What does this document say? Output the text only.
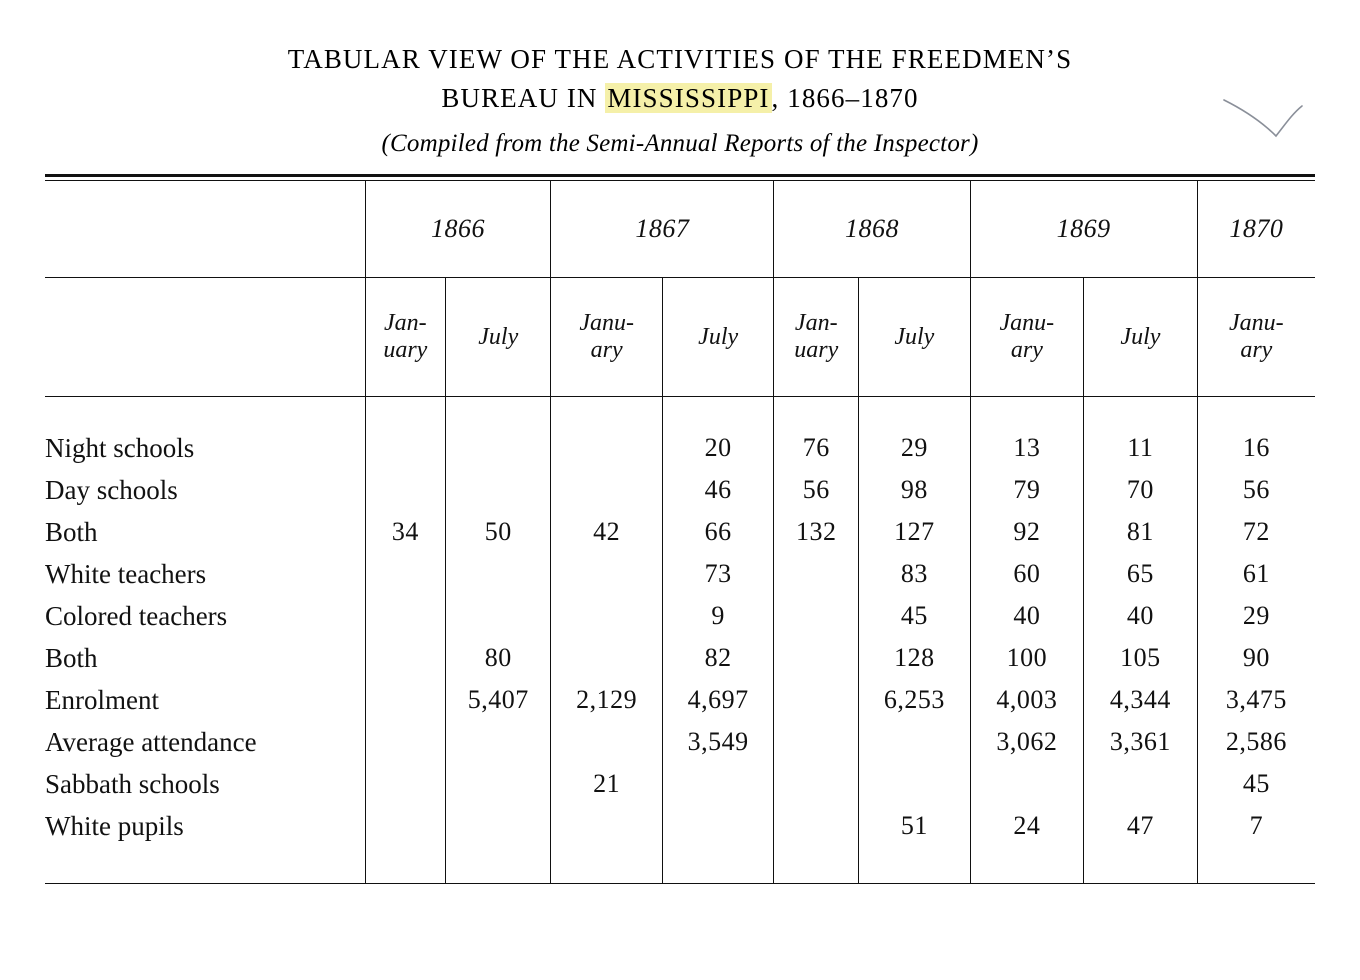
TABULAR VIEW OF THE ACTIVITIES OF THE FREEDMEN’S
BUREAU IN MISSISSIPPI, 1866–1870
(Compiled from the Semi-Annual Reports of the Inspector)
	1866		1867		1868		1869		1870

Jan-
uary
	July	
Janu-
ary
	July	
Jan-
uary
	July	
Janu-
ary
	July	
Janu-
ary

Night schools				20	76	29	13	11	16
Day schools				46	56	98	79	70	56
Both	34	50	42	66	132	127	92	81	72
White teachers				73		83	60	65	61
Colored teachers				9		45	40	40	29
Both		80		82		128	100	105	90
Enrolment		5,407	2,129	4,697		6,253	4,003	4,344	3,475
Average attendance				3,549			3,062	3,361	2,586
Sabbath schools			21						45
White pupils						51	24	47	7
